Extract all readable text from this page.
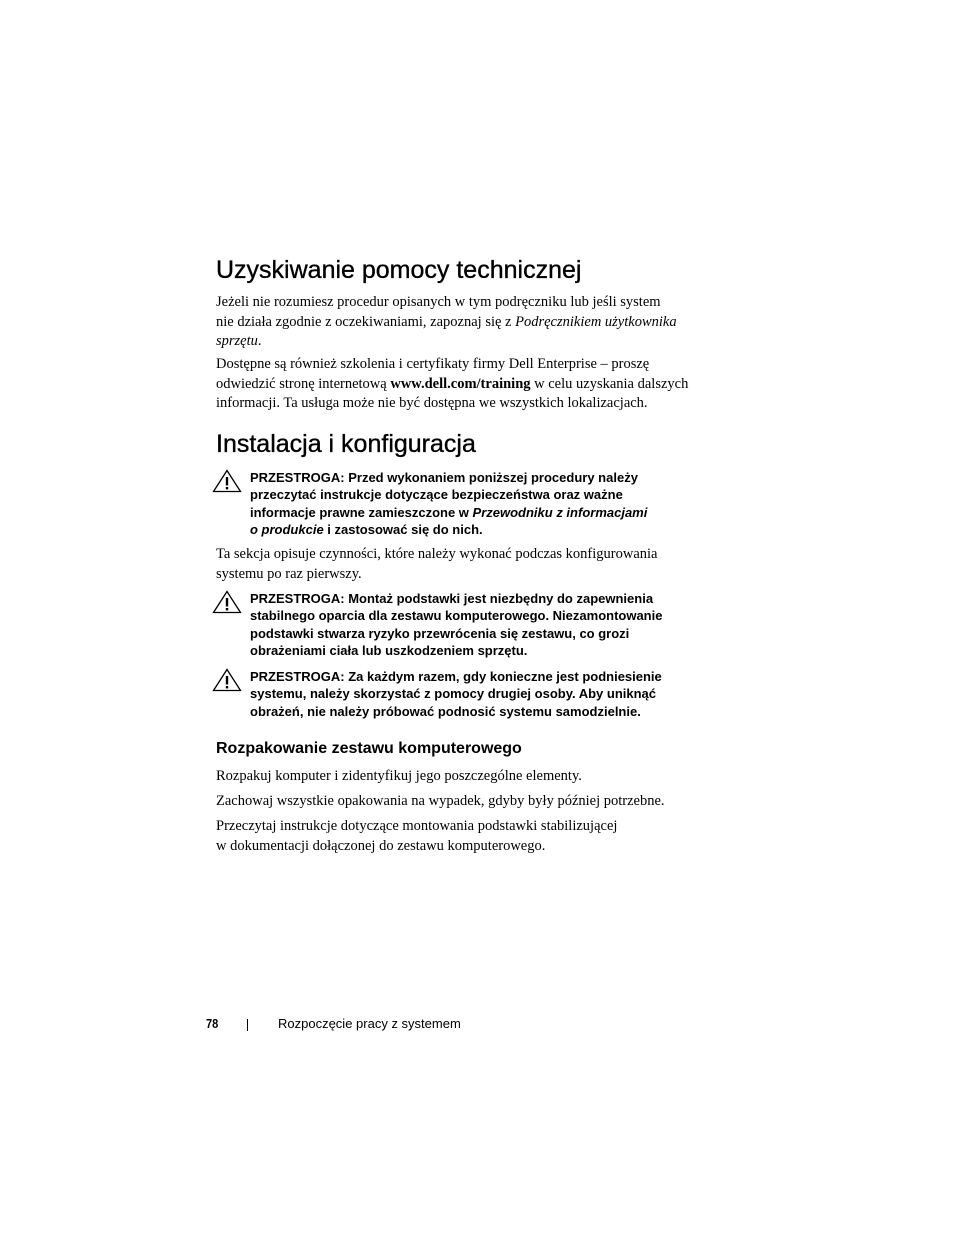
Uzyskiwanie pomocy technicznej

Jeżeli nie rozumiesz procedur opisanych w tym podręczniku lub jeśli system
nie działa zgodnie z oczekiwaniami, zapoznaj się z Podręcznikiem użytkownika
sprzętu.

Dostępne są również szkolenia i certyfikaty firmy Dell Enterprise – proszę
odwiedzić stronę internetową www.dell.com/training w celu uzyskania dalszych
informacji. Ta usługa może nie być dostępna we wszystkich lokalizacjach.

Instalacja i konfiguracja
PRZESTROGA: Przed wykonaniem poniższej procedury należy
przeczytać instrukcje dotyczące bezpieczeństwa oraz ważne
informacje prawne zamieszczone w Przewodniku z informacjami
o produkcie i zastosować się do nich.

Ta sekcja opisuje czynności, które należy wykonać podczas konfigurowania
systemu po raz pierwszy.

PRZESTROGA: Montaż podstawki jest niezbędny do zapewnienia
stabilnego oparcia dla zestawu komputerowego. Niezamontowanie
podstawki stwarza ryzyko przewrócenia się zestawu, co grozi
obrażeniami ciała lub uszkodzeniem sprzętu.
PRZESTROGA: Za każdym razem, gdy konieczne jest podniesienie
systemu, należy skorzystać z pomocy drugiej osoby. Aby uniknąć
obrażeń, nie należy próbować podnosić systemu samodzielnie.
Rozpakowanie zestawu komputerowego

Rozpakuj komputer i zidentyfikuj jego poszczególne elementy.

Zachowaj wszystkie opakowania na wypadek, gdyby były później potrzebne.

Przeczytaj instrukcje dotyczące montowania podstawki stabilizującej
w dokumentacji dołączonej do zestawu komputerowego.

78	Rozpoczęcie pracy z systemem
